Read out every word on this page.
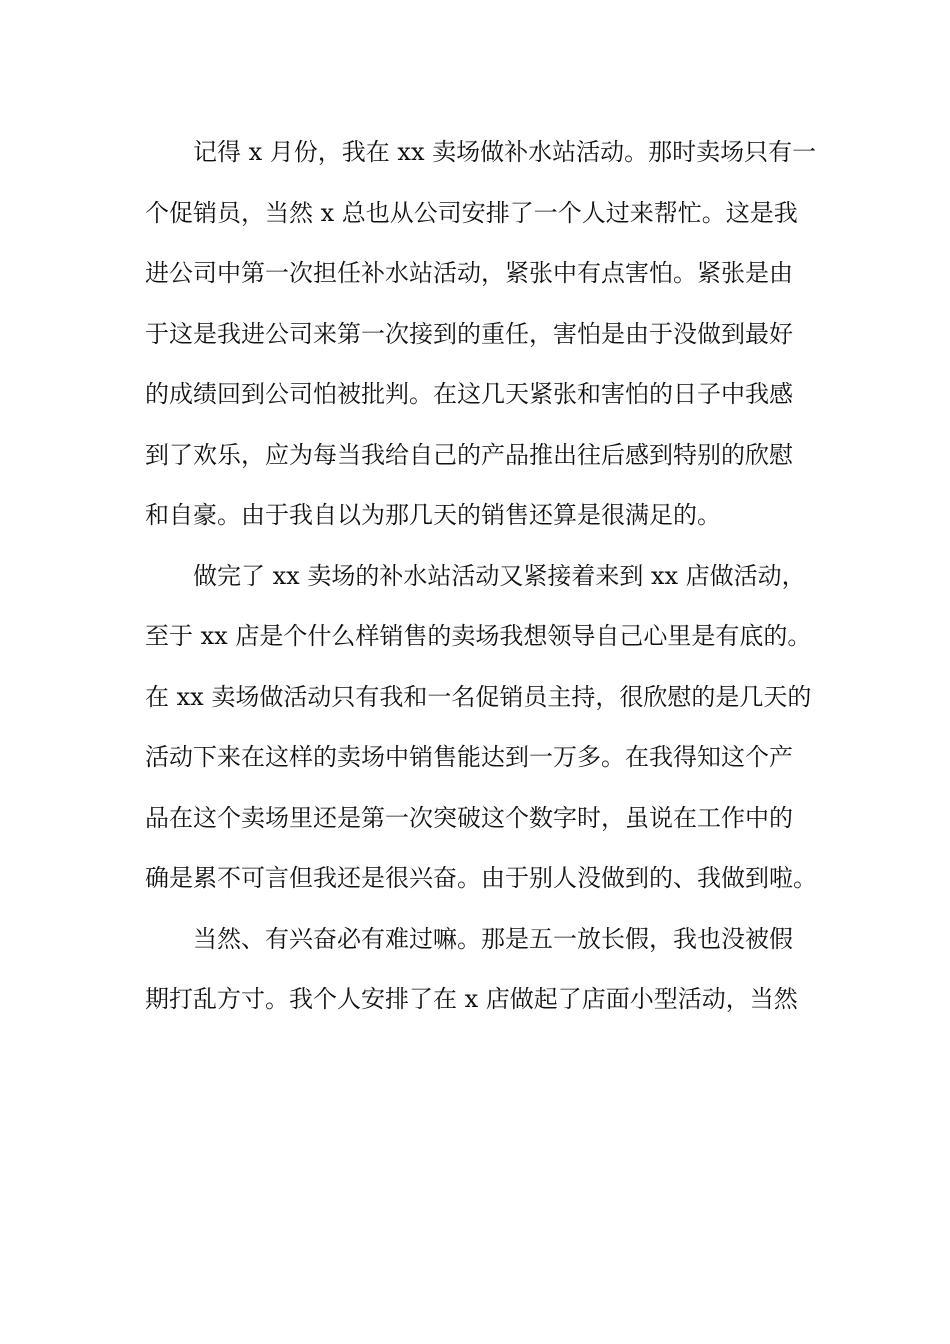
记得 x 月份，我在 xx 卖场做补水站活动。那时卖场只有一
个促销员，当然 x 总也从公司安排了一个人过来帮忙。这是我
进公司中第一次担任补水站活动，紧张中有点害怕。紧张是由
于这是我进公司来第一次接到的重任，害怕是由于没做到最好
的成绩回到公司怕被批判。在这几天紧张和害怕的日子中我感
到了欢乐，应为每当我给自己的产品推出往后感到特别的欣慰
和自豪。由于我自以为那几天的销售还算是很满足的。
做完了 xx 卖场的补水站活动又紧接着来到 xx 店做活动，
至于 xx 店是个什么样销售的卖场我想领导自己心里是有底的。
在 xx 卖场做活动只有我和一名促销员主持，很欣慰的是几天的
活动下来在这样的卖场中销售能达到一万多。在我得知这个产
品在这个卖场里还是第一次突破这个数字时，虽说在工作中的
确是累不可言但我还是很兴奋。由于别人没做到的、我做到啦。
当然、有兴奋必有难过嘛。那是五一放长假，我也没被假
期打乱方寸。我个人安排了在 x 店做起了店面小型活动，当然
